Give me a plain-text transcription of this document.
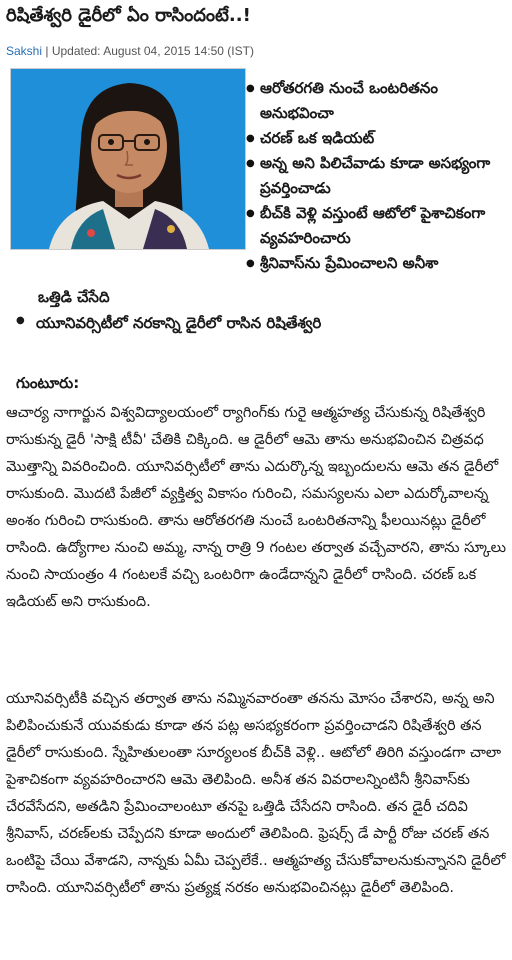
రిషితేశ్వరి డైరీలో ఏం రాసిందంటే..!
Sakshi | Updated: August 04, 2015 14:50 (IST)
● ఆరోతరగతి నుంచే ఒంటరితనం అనుభవించా
● చరణ్ ఒక ఇడియట్
● అన్న అని పిలిచేవాడు కూడా అసభ్యంగా ప్రవర్తించాడు
● బీచ్‌కి వెళ్లి వస్తుంటే ఆటోలో పైశాచికంగా వ్యవహరించారు
● శ్రీనివాస్‌ను ప్రేమించాలని అనీశా
ఒత్తిడి చేసేది
● యూనివర్సిటీలో నరకాన్ని డైరీలో రాసిన రిషితేశ్వరి
గుంటూరు:

ఆచార్య నాగార్జున విశ్వవిద్యాలయంలో ర్యాగింగ్‌కు గురై ఆత్మహత్య చేసుకున్న రిషితేశ్వరి రాసుకున్న డైరీ 'సాక్షి టీవీ' చేతికి చిక్కింది. ఆ డైరీలో ఆమె తాను అనుభవించిన చిత్రవధ మొత్తాన్ని వివరించింది. యూనివర్సిటీలో తాను ఎదుర్కొన్న ఇబ్బందులను ఆమె తన డైరీలో రాసుకుంది. మొదటి పేజీలో వ్యక్తిత్వ వికాసం గురించి, సమస్యలను ఎలా ఎదుర్కోవాలన్న అంశం గురించి రాసుకుంది. తాను ఆరోతరగతి నుంచే ఒంటరితనాన్ని ఫీలయినట్లు డైరీలో రాసింది. ఉద్యోగాల నుంచి అమ్మ, నాన్న రాత్రి 9 గంటల తర్వాత వచ్చేవారని, తాను స్కూలు నుంచి సాయంత్రం 4 గంటలకే వచ్చి ఒంటరిగా ఉండేదాన్నని డైరీలో రాసింది. చరణ్ ఒక ఇడియట్ అని రాసుకుంది.

యూనివర్సిటీకి వచ్చిన తర్వాత తాను నమ్మినవారంతా తనను మోసం చేశారని, అన్న అని పిలిపించుకునే యువకుడు కూడా తన పట్ల అసభ్యకరంగా ప్రవర్తించాడని రిషితేశ్వరి తన డైరీలో రాసుకుంది. స్నేహితులంతా సూర్యలంక బీచ్‌కి వెళ్లి.. ఆటోలో తిరిగి వస్తుండగా చాలా పైశాచికంగా వ్యవహరించారని ఆమె తెలిపింది. అనీశ తన వివరాలన్నింటినీ శ్రీనివాస్‌కు చేరవేసేదని, అతడిని ప్రేమించాలంటూ తనపై ఒత్తిడి చేసేదని రాసింది. తన డైరీ చదివి శ్రీనివాస్, చరణ్‌లకు చెప్పేదని కూడా అందులో తెలిపింది. ఫ్రెషర్స్ డే పార్టీ రోజు చరణ్ తన ఒంటిపై చేయి వేశాడని, నాన్నకు ఏమీ చెప్పలేకే.. ఆత్మహత్య చేసుకోవాలనుకున్నానని డైరీలో రాసింది. యూనివర్సిటీలో తాను ప్రత్యక్ష నరకం అనుభవించినట్లు డైరీలో తెలిపింది.
